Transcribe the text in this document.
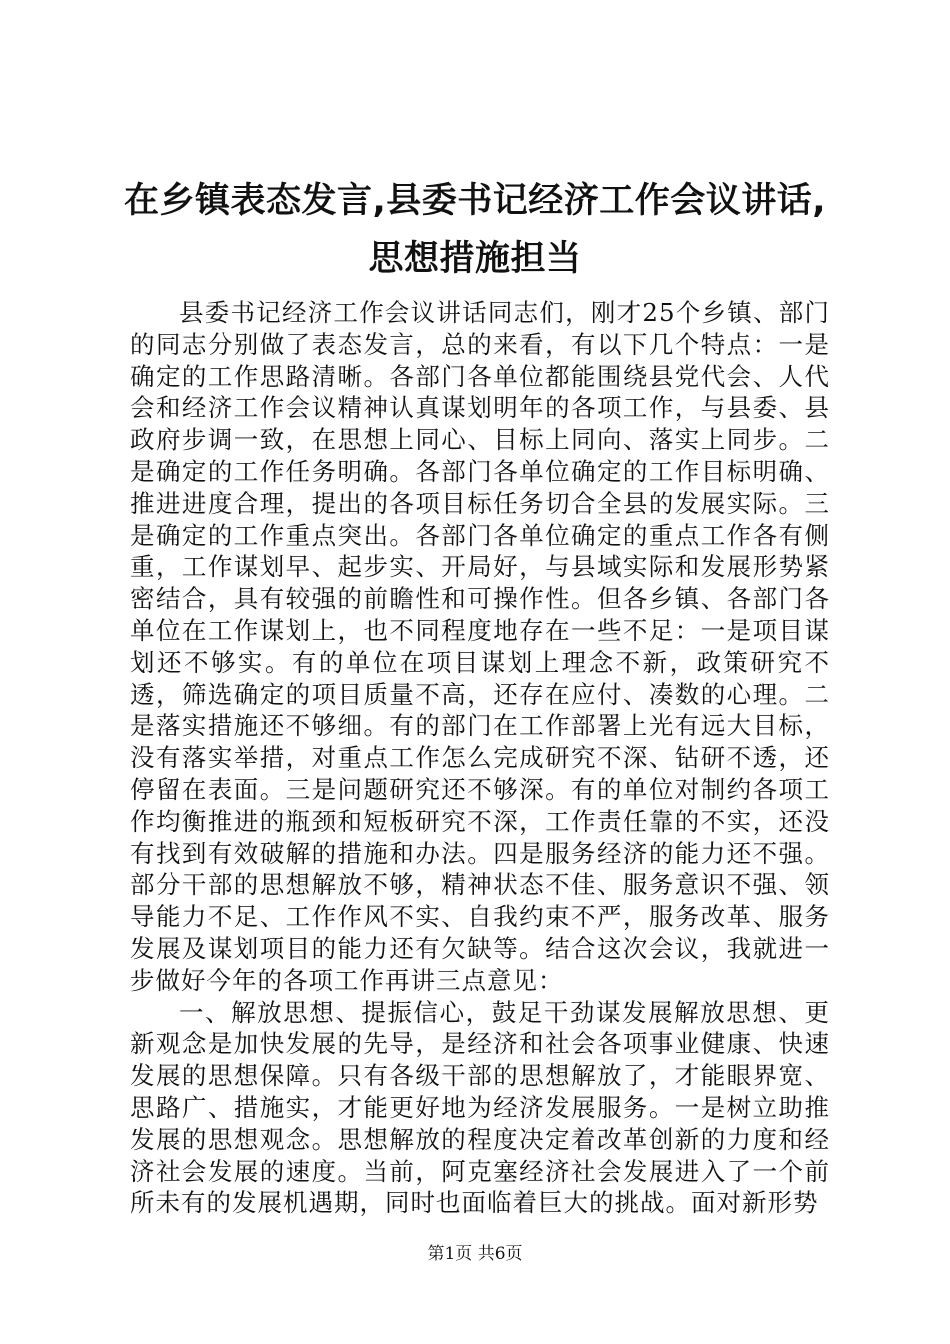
在乡镇表态发言,县委书记经济工作会议讲话,
思想措施担当

县委书记经济工作会议讲话同志们，刚才25个乡镇、部门的同志分别做了表态发言，总的来看，有以下几个特点：一是确定的工作思路清晰。各部门各单位都能围绕县党代会、人代会和经济工作会议精神认真谋划明年的各项工作，与县委、县政府步调一致，在思想上同心、目标上同向、落实上同步。二是确定的工作任务明确。各部门各单位确定的工作目标明确、推进进度合理，提出的各项目标任务切合全县的发展实际。三是确定的工作重点突出。各部门各单位确定的重点工作各有侧重，工作谋划早、起步实、开局好，与县域实际和发展形势紧密结合，具有较强的前瞻性和可操作性。但各乡镇、各部门各单位在工作谋划上，也不同程度地存在一些不足：一是项目谋划还不够实。有的单位在项目谋划上理念不新，政策研究不透，筛选确定的项目质量不高，还存在应付、凑数的心理。二是落实措施还不够细。有的部门在工作部署上光有远大目标，没有落实举措，对重点工作怎么完成研究不深、钻研不透，还停留在表面。三是问题研究还不够深。有的单位对制约各项工作均衡推进的瓶颈和短板研究不深，工作责任靠的不实，还没有找到有效破解的措施和办法。四是服务经济的能力还不强。部分干部的思想解放不够，精神状态不佳、服务意识不强、领导能力不足、工作作风不实、自我约束不严，服务改革、服务发展及谋划项目的能力还有欠缺等。结合这次会议，我就进一步做好今年的各项工作再讲三点意见：

一、解放思想、提振信心，鼓足干劲谋发展解放思想、更新观念是加快发展的先导，是经济和社会各项事业健康、快速发展的思想保障。只有各级干部的思想解放了，才能眼界宽、思路广、措施实，才能更好地为经济发展服务。一是树立助推发展的思想观念。思想解放的程度决定着改革创新的力度和经济社会发展的速度。当前，阿克塞经济社会发展进入了一个前所未有的发展机遇期，同时也面临着巨大的挑战。面对新形势

第1页 共6页
